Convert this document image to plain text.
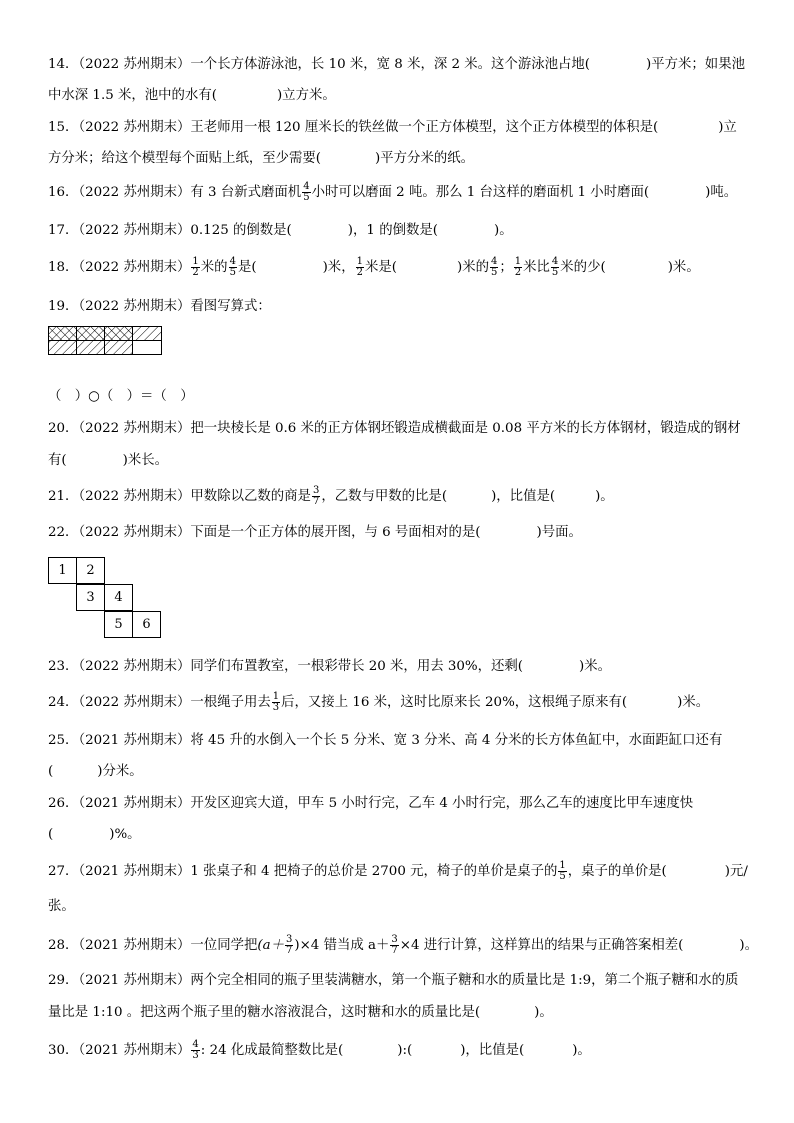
14．（2022 苏州期末）一个长方体游泳池，长 10 米，宽 8 米，深 2 米。这个游泳池占地(	)平方米；如果池
中水深 1.5 米，池中的水有(	)立方米。
15．（2022 苏州期末）王老师用一根 120 厘米长的铁丝做一个正方体模型，这个正方体模型的体积是(	)立
方分米；给这个模型每个面贴上纸，至少需要(	)平方分米的纸。
16．（2022 苏州期末）有 3 台新式磨面机 $\frac{4}{5}$ 小时可以磨面 2 吨。那么 1 台这样的磨面机 1 小时磨面(	)吨。
17．（2022 苏州期末）0.125 的倒数是(	)，1 的倒数是(	)。
18．（2022 苏州期末） $\frac{1}{2}$ 米的 $\frac{4}{5}$ 是(	)米， $\frac{1}{2}$ 米是(	)米的 $\frac{4}{5}$ ； $\frac{1}{2}$ 米比 $\frac{4}{5}$ 米的少(	)米。
19．（2022 苏州期末）看图写算式：
（　）○（　）＝（　）
20．（2022 苏州期末）把一块棱长是 0.6 米的正方体钢坯锻造成横截面是 0.08 平方米的长方体钢材，锻造成的钢材
有(	)米长。
21．（2022 苏州期末）甲数除以乙数的商是 $\frac{3}{7}$ ，乙数与甲数的比是(	)，比值是(	)。
22．（2022 苏州期末）下面是一个正方体的展开图，与 6 号面相对的是(	)号面。
1	2
3	4
5	6
23．（2022 苏州期末）同学们布置教室，一根彩带长 20 米，用去 30%，还剩(	)米。
24．（2022 苏州期末）一根绳子用去 $\frac{1}{3}$ 后，又接上 16 米，这时比原来长 20%，这根绳子原来有(	)米。
25．（2021 苏州期末）将 45 升的水倒入一个长 5 分米、宽 3 分米、高 4 分米的长方体鱼缸中，水面距缸口还有
(	)分米。
26．（2021 苏州期末）开发区迎宾大道，甲车 5 小时行完，乙车 4 小时行完，那么乙车的速度比甲车速度快
(	)%。
27．（2021 苏州期末）1 张桌子和 4 把椅子的总价是 2700 元，椅子的单价是桌子的 $\frac{1}{5}$ ，桌子的单价是(	)元/
张。
28．（2021 苏州期末）一位同学把$(a+ \frac{3}{7} )\times 4$ 错当成 $a+ \frac{3}{7} \times 4$ 进行计算，这样算出的结果与正确答案相差(	)。
29．（2021 苏州期末）两个完全相同的瓶子里装满糖水，第一个瓶子糖和水的质量比是 1:9，第二个瓶子糖和水的质
量比是 1:10 。把这两个瓶子里的糖水溶液混合，这时糖和水的质量比是(	)。
30．（2021 苏州期末） $\frac{4}{3}$ : 24 化成最简整数比是(	):(	)，比值是(	)。
